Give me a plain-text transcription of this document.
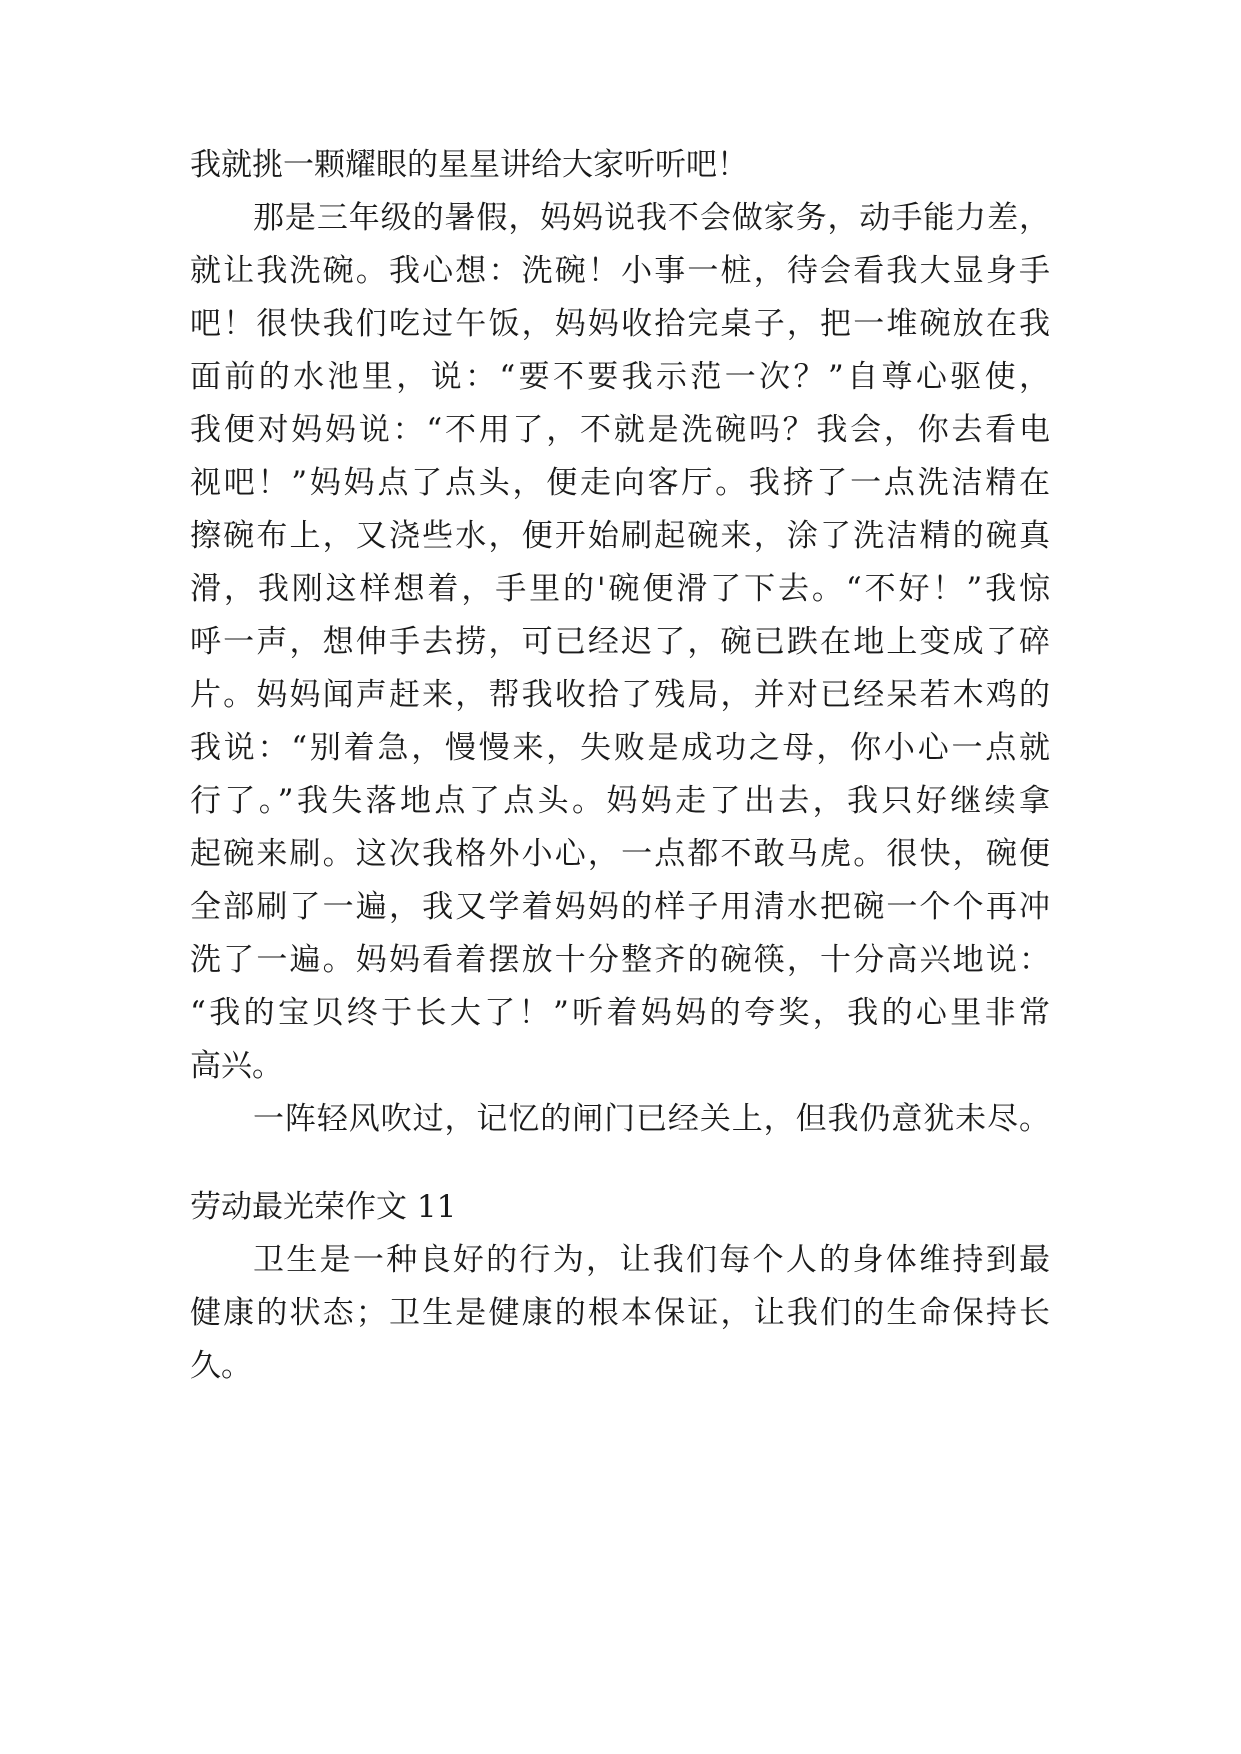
我就挑一颗耀眼的星星讲给大家听听吧！
那是三年级的暑假，妈妈说我不会做家务，动手能力差，
就让我洗碗。我心想：洗碗！小事一桩，待会看我大显身手
吧！很快我们吃过午饭，妈妈收拾完桌子，把一堆碗放在我
面前的水池里，说：“要不要我示范一次？”自尊心驱使，
我便对妈妈说：“不用了，不就是洗碗吗？我会，你去看电
视吧！”妈妈点了点头，便走向客厅。我挤了一点洗洁精在
擦碗布上，又浇些水，便开始刷起碗来，涂了洗洁精的碗真
滑，我刚这样想着，手里的'碗便滑了下去。“不好！”我惊
呼一声，想伸手去捞，可已经迟了，碗已跌在地上变成了碎
片。妈妈闻声赶来，帮我收拾了残局，并对已经呆若木鸡的
我说：“别着急，慢慢来，失败是成功之母，你小心一点就
行了。”我失落地点了点头。妈妈走了出去，我只好继续拿
起碗来刷。这次我格外小心，一点都不敢马虎。很快，碗便
全部刷了一遍，我又学着妈妈的样子用清水把碗一个个再冲
洗了一遍。妈妈看着摆放十分整齐的碗筷，十分高兴地说：
“我的宝贝终于长大了！”听着妈妈的夸奖，我的心里非常
高兴。
一阵轻风吹过，记忆的闸门已经关上，但我仍意犹未尽。
劳动最光荣作文 11
卫生是一种良好的行为，让我们每个人的身体维持到最
健康的状态；卫生是健康的根本保证，让我们的生命保持长
久。
